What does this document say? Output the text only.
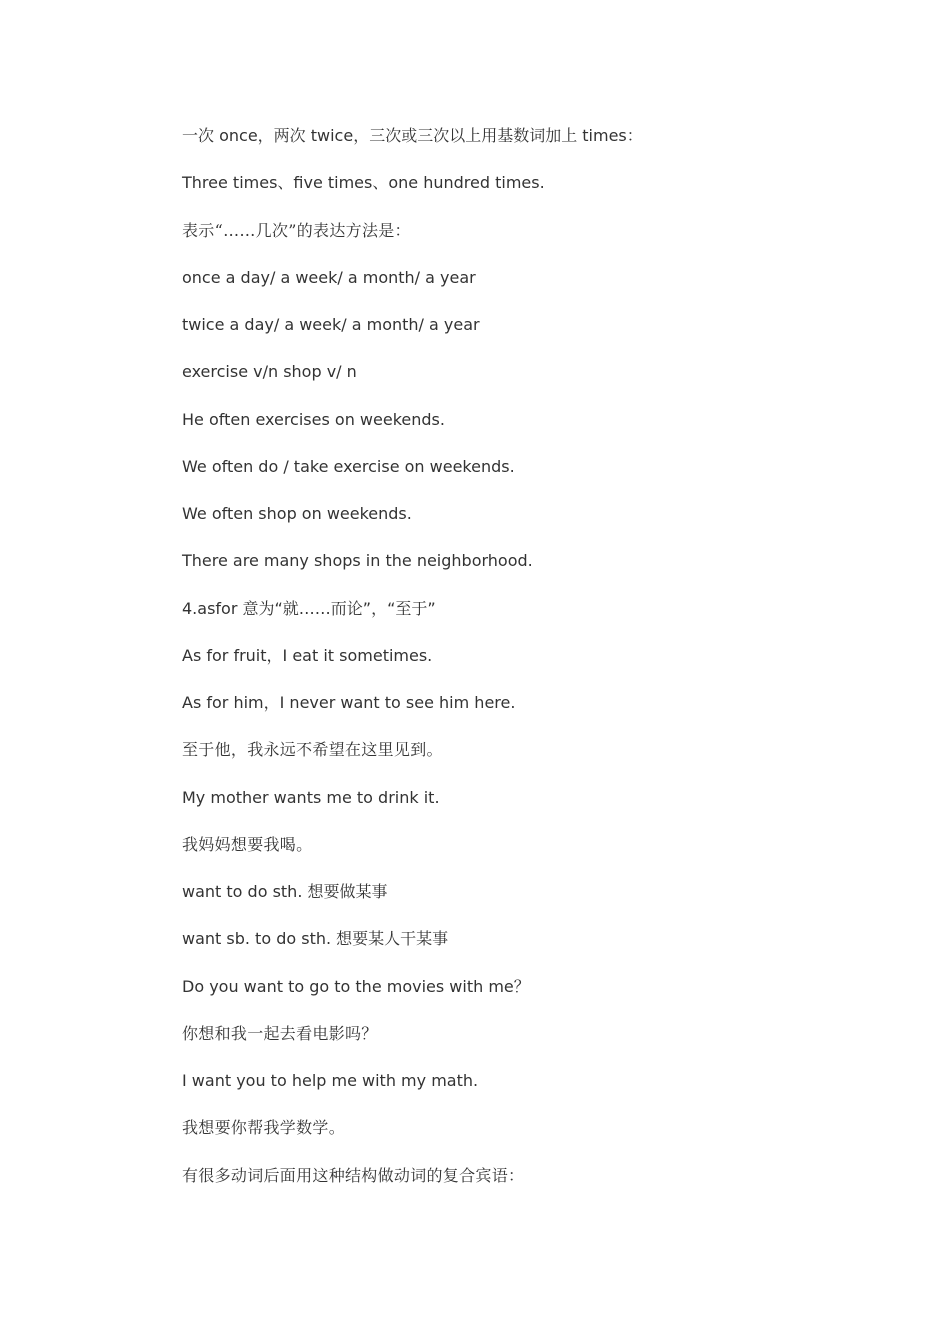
一次 once，两次 twice，三次或三次以上用基数词加上 times：
Three times、five times、one hundred times.
表示“……几次”的表达方法是：
once a day/ a week/ a month/ a year
twice a day/ a week/ a month/ a year
exercise v/n shop v/ n
He often exercises on weekends.
We often do / take exercise on weekends.
We often shop on weekends.
There are many shops in the neighborhood.
4.asfor 意为“就……而论”，“至于”
As for fruit，I eat it sometimes.
As for him，I never want to see him here.
至于他，我永远不希望在这里见到。
My mother wants me to drink it.
我妈妈想要我喝。
want to do sth. 想要做某事
want sb. to do sth. 想要某人干某事
Do you want to go to the movies with me？
你想和我一起去看电影吗？
I want you to help me with my math.
我想要你帮我学数学。
有很多动词后面用这种结构做动词的复合宾语：
